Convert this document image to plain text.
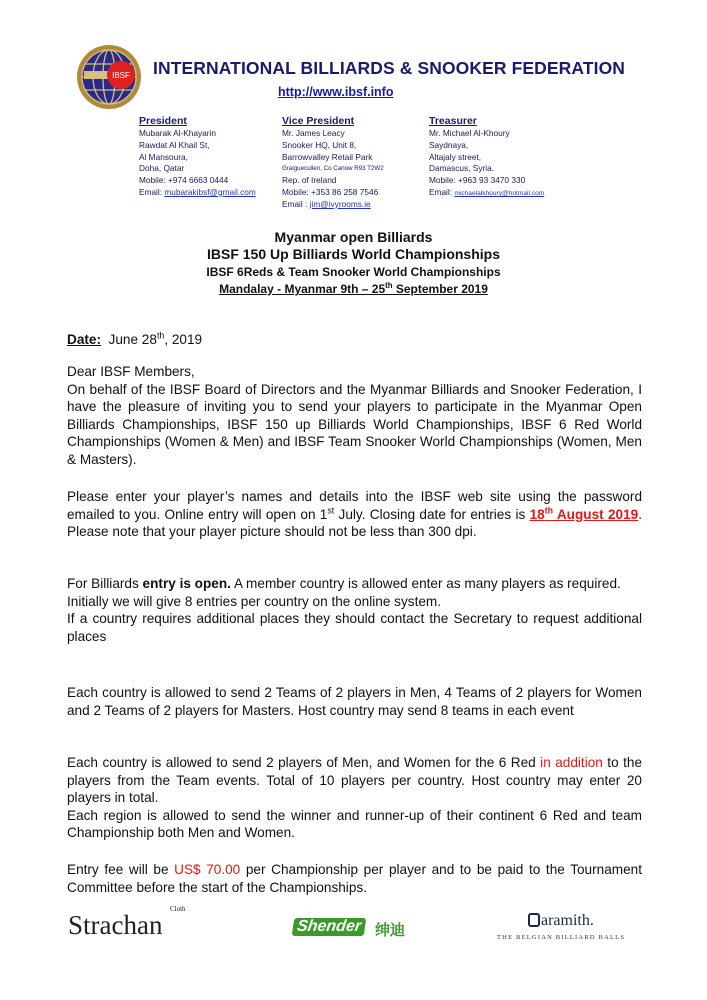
IBSF INTERNATIONAL BILLIARDS & SNOOKER FEDERATION
http://www.ibsf.info
President
Mubarak Al-Khayarin
Rawdat Al Khail St,
Al Mansoura,
Doha, Qatar
Mobile: +974 6663 0444
Email: mubarakibsf@gmail.com
Vice President
Mr. James Leacy
Snooker HQ, Unit 8,
Barrowvalley Retail Park
Graiguecullen, Co Carlow R93 T2W2
Rep. of Ireland
Mobile: +353 86 258 7546
Email : jim@ivyrooms.ie
Treasurer
Mr. Michael Al-Khoury
Saydnaya,
Altajaly street,
Damascus, Syria.
Mobile: +963 93 3470 330
Email: michaelalkhoury@hotmail.com
Myanmar open Billiards
IBSF 150 Up Billiards World Championships
IBSF 6Reds & Team Snooker World Championships
Mandalay - Myanmar 9th – 25th September 2019
Date:  June 28th, 2019
Dear IBSF Members,
On behalf of the IBSF Board of Directors and the Myanmar Billiards and Snooker Federation, I have the pleasure of inviting you to send your players to participate in the Myanmar Open Billiards Championships, IBSF 150 up Billiards World Championships, IBSF 6 Red World Championships (Women & Men) and IBSF Team Snooker World Championships (Women, Men & Masters).
Please enter your player’s names and details into the IBSF web site using the password emailed to you. Online entry will open on 1st July. Closing date for entries is 18th August 2019. Please note that your player picture should not be less than 300 dpi.
For Billiards entry is open. A member country is allowed enter as many players as required.
Initially we will give 8 entries per country on the online system.
If a country requires additional places they should contact the Secretary to request additional places
Each country is allowed to send 2 Teams of 2 players in Men, 4 Teams of 2 players for Women and 2 Teams of 2 players for Masters. Host country may send 8 teams in each event
Each country is allowed to send 2 players of Men, and Women for the 6 Red in addition to the players from the Team events. Total of 10 players per country. Host country may enter 20 players in total.
Each region is allowed to send the winner and runner-up of their continent 6 Red and team Championship both Men and Women.
Entry fee will be US$ 70.00 per Championship per player and to be paid to the Tournament Committee before the start of the Championships.
Strachan
Cloth
Shender 绅迪
aramith.
THE BELGIAN BILLIARD BALLS
